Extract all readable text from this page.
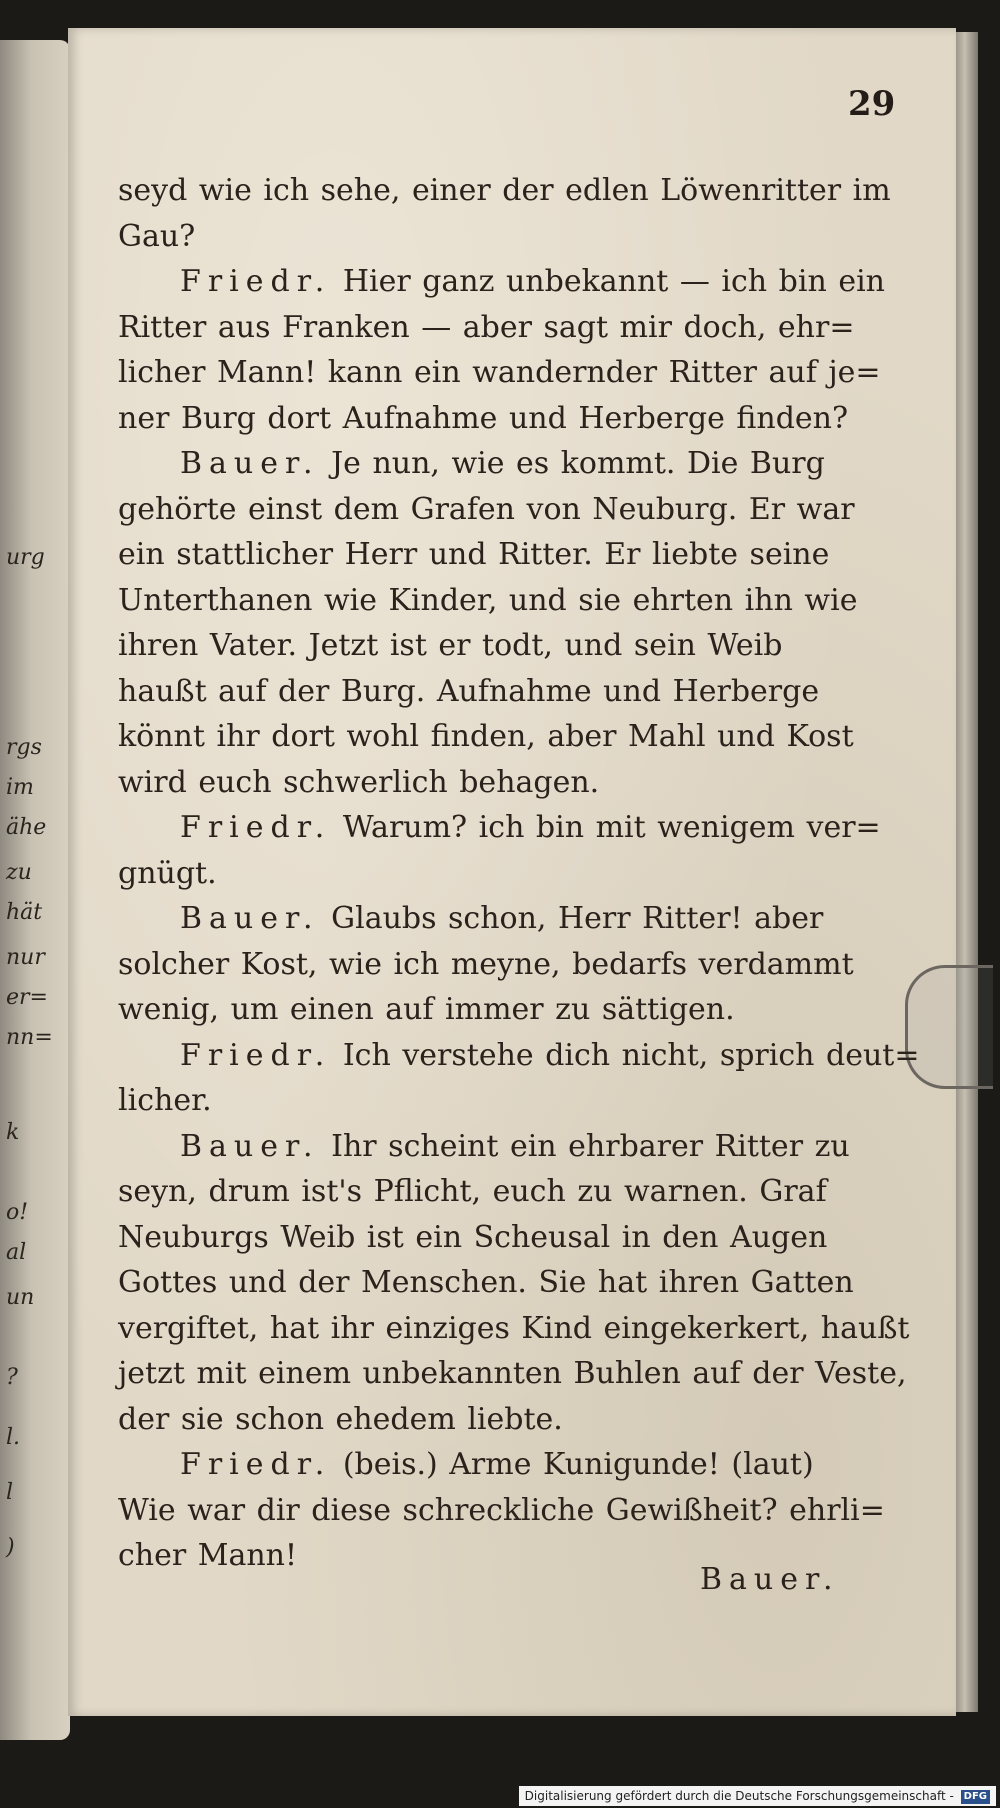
urg
rgs
im
ähe
zu
hät
nur
er=
nn=
k
o!
al
un
?
l.
l
)
29
seyd wie ich sehe, einer der edlen Löwenritter im
Gau?
Friedr. Hier ganz unbekannt — ich bin ein
Ritter aus Franken — aber sagt mir doch, ehr=
licher Mann! kann ein wandernder Ritter auf je=
ner Burg dort Aufnahme und Herberge finden?
Bauer. Je nun, wie es kommt. Die Burg
gehörte einst dem Grafen von Neuburg. Er war
ein stattlicher Herr und Ritter. Er liebte seine
Unterthanen wie Kinder, und sie ehrten ihn wie
ihren Vater. Jetzt ist er todt, und sein Weib
haußt auf der Burg. Aufnahme und Herberge
könnt ihr dort wohl finden, aber Mahl und Kost
wird euch schwerlich behagen.
Friedr. Warum? ich bin mit wenigem ver=
gnügt.
Bauer. Glaubs schon, Herr Ritter! aber
solcher Kost, wie ich meyne, bedarfs verdammt
wenig, um einen auf immer zu sättigen.
Friedr. Ich verstehe dich nicht, sprich deut=
licher.
Bauer. Ihr scheint ein ehrbarer Ritter zu
seyn, drum ist's Pflicht, euch zu warnen. Graf
Neuburgs Weib ist ein Scheusal in den Augen
Gottes und der Menschen. Sie hat ihren Gatten
vergiftet, hat ihr einziges Kind eingekerkert, haußt
jetzt mit einem unbekannten Buhlen auf der Veste,
der sie schon ehedem liebte.
Friedr. (beis.) Arme Kunigunde! (laut)
Wie war dir diese schreckliche Gewißheit? ehrli=
cher Mann!
Bauer.
Digitalisierung gefördert durch die Deutsche Forschungsgemeinschaft - DFG
